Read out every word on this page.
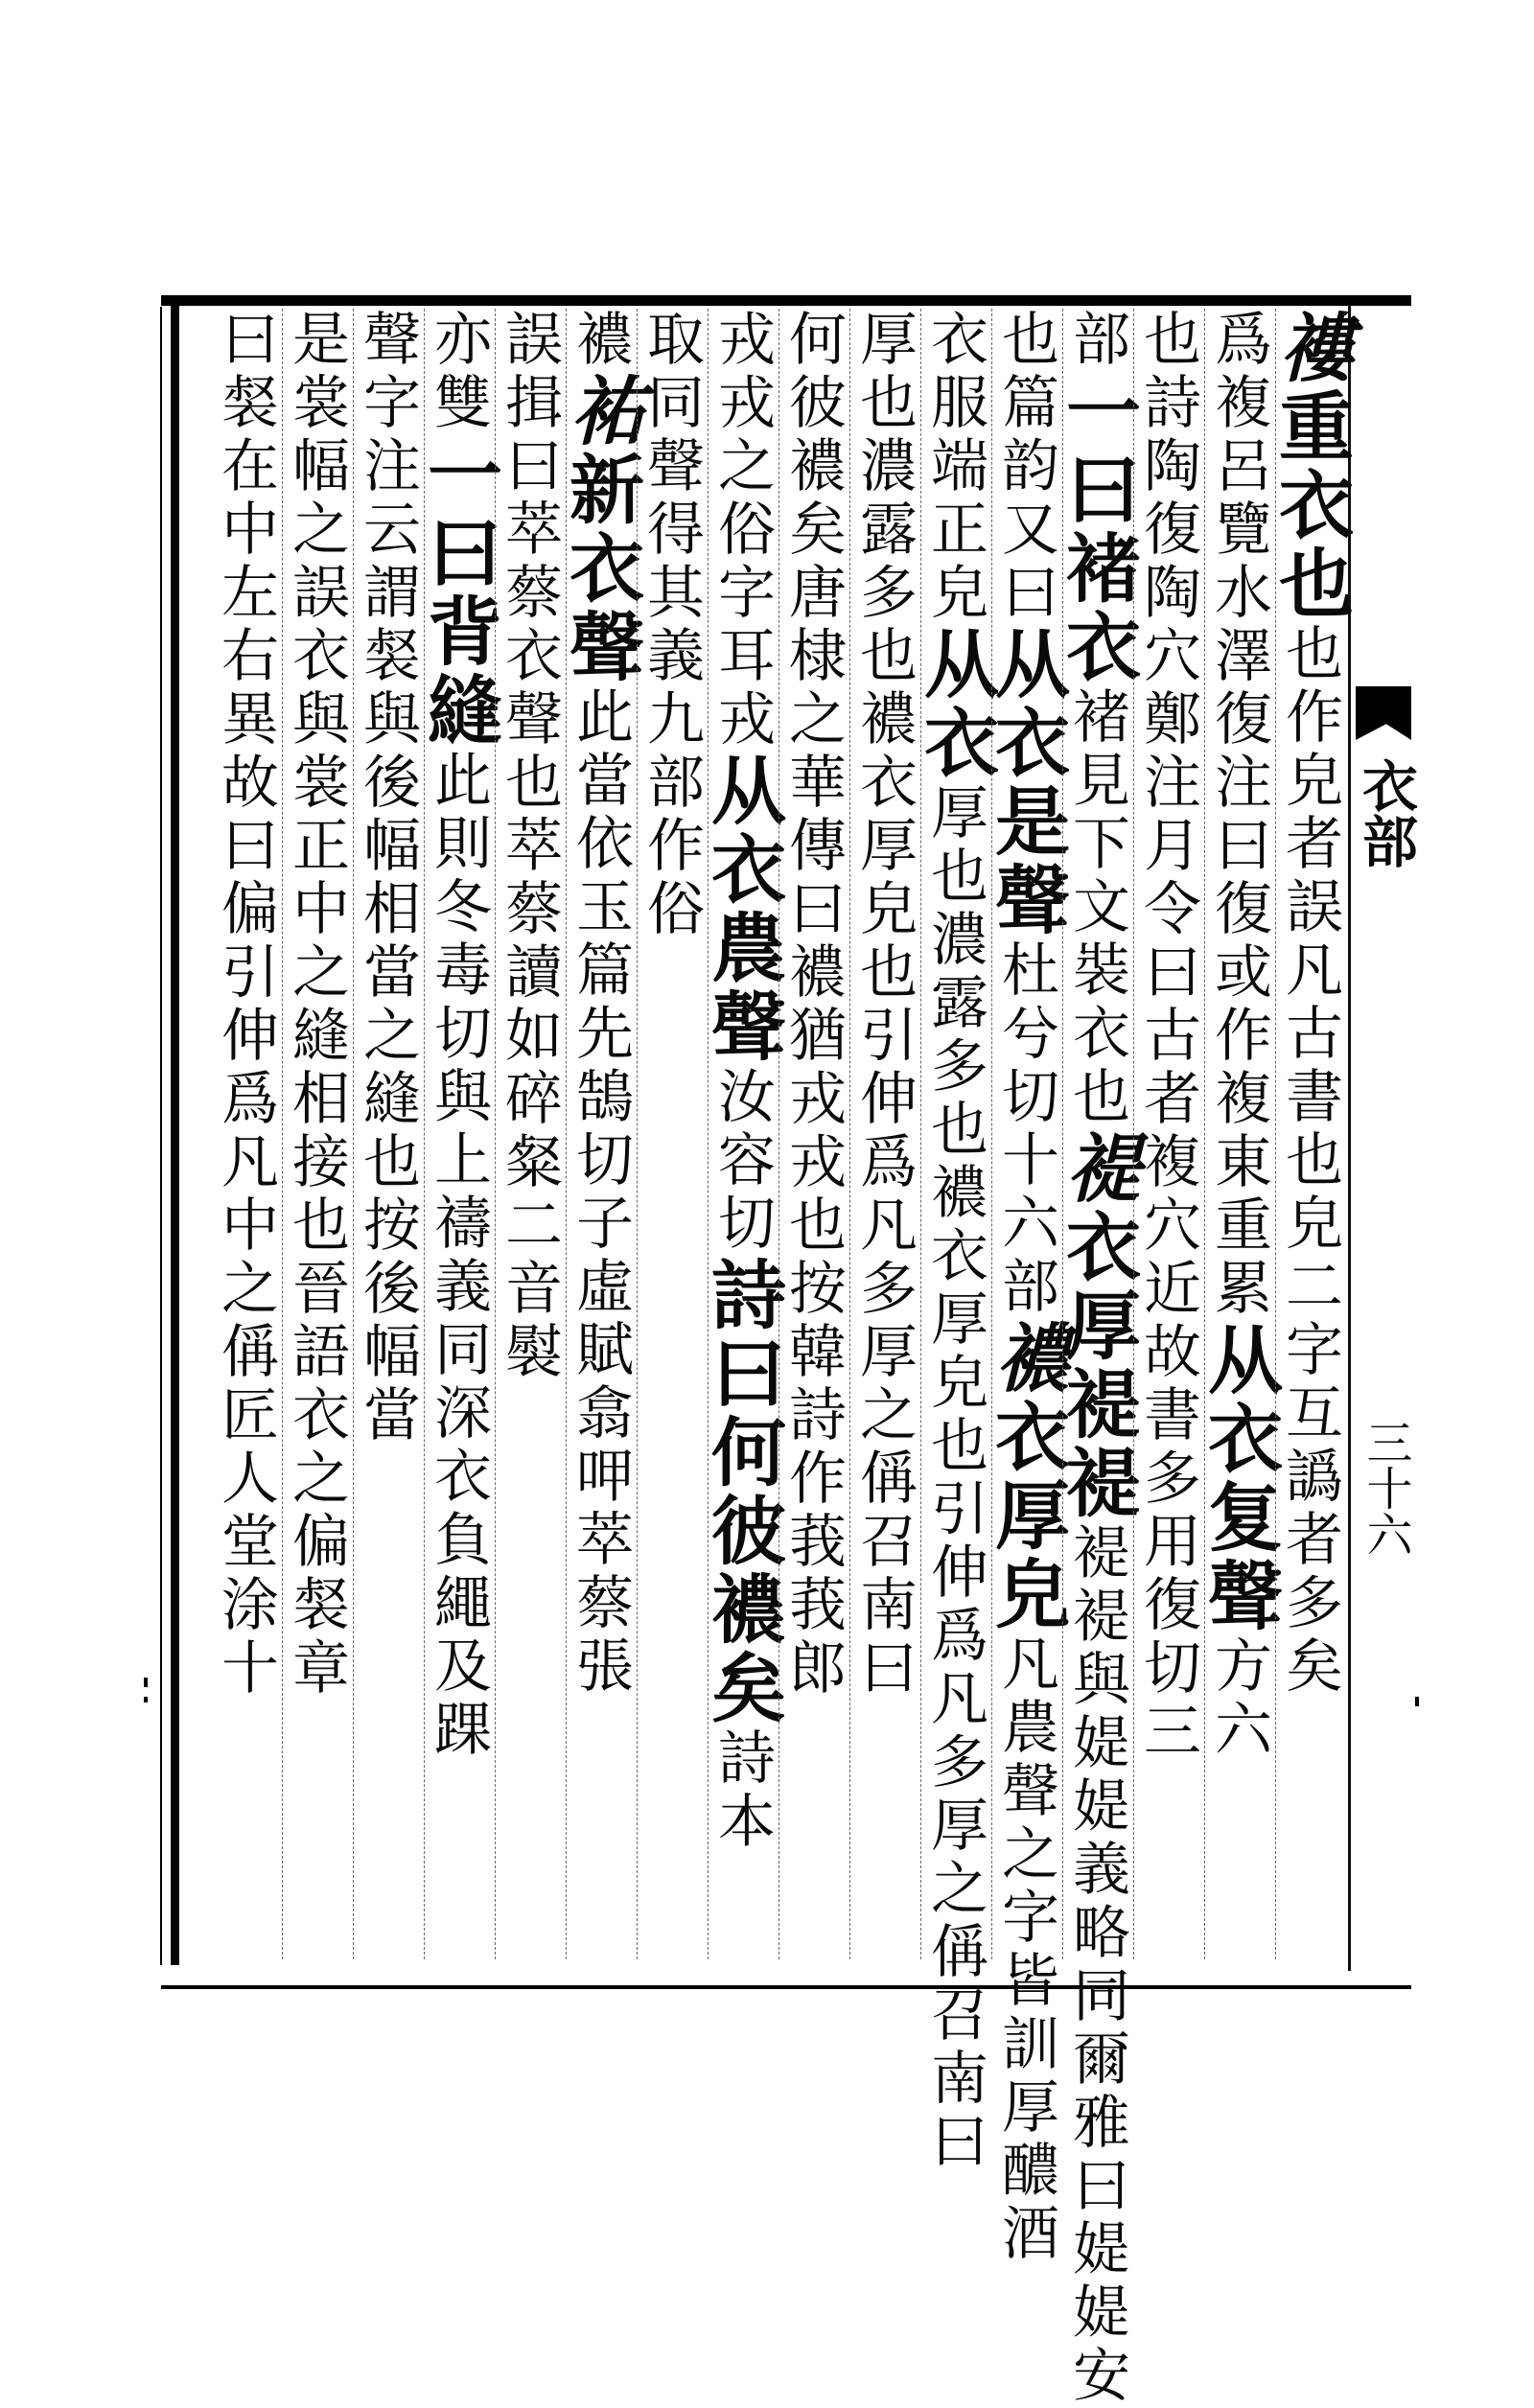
衣部
三十六
褸重衣也也作皃者誤凡古書也皃二字互譌者多矣
爲複呂覽水澤復注曰復或作複東重累从衣复聲方六
也詩陶復陶穴鄭注月令曰古者複穴近故書多用復切三
部一曰褚衣褚見下文裝衣也褆衣厚褆褆褆褆與媞媞義略同爾雅曰媞媞安
也篇韵又曰从衣是聲杜兮切十六部襛衣厚皃凡農聲之字皆訓厚醲酒
衣服端正皃从衣厚也濃露多也襛衣厚皃也引伸爲凡多厚之偁召南曰
厚也濃露多也襛衣厚皃也引伸爲凡多厚之偁召南曰
何彼襛矣唐棣之華傳曰襛猶戎戎也按韓詩作莪莪郎
戎戎之俗字耳戎从衣農聲汝容切詩曰何彼襛矣詩本
取同聲得其義九部作俗
襛𧙗新衣聲此當依玉篇先鵠切子虛賦翕呷萃蔡張
誤揖曰萃蔡衣聲也萃蔡讀如碎粲二音褽
亦雙一曰背縫此則冬毒切與上禱義同深衣負繩及踝
聲字注云謂裻與後幅相當之縫也按後幅當
是裳幅之誤衣與裳正中之縫相接也晉語衣之偏裻章
曰裻在中左右異故曰偏引伸爲凡中之偁匠人堂涂十
